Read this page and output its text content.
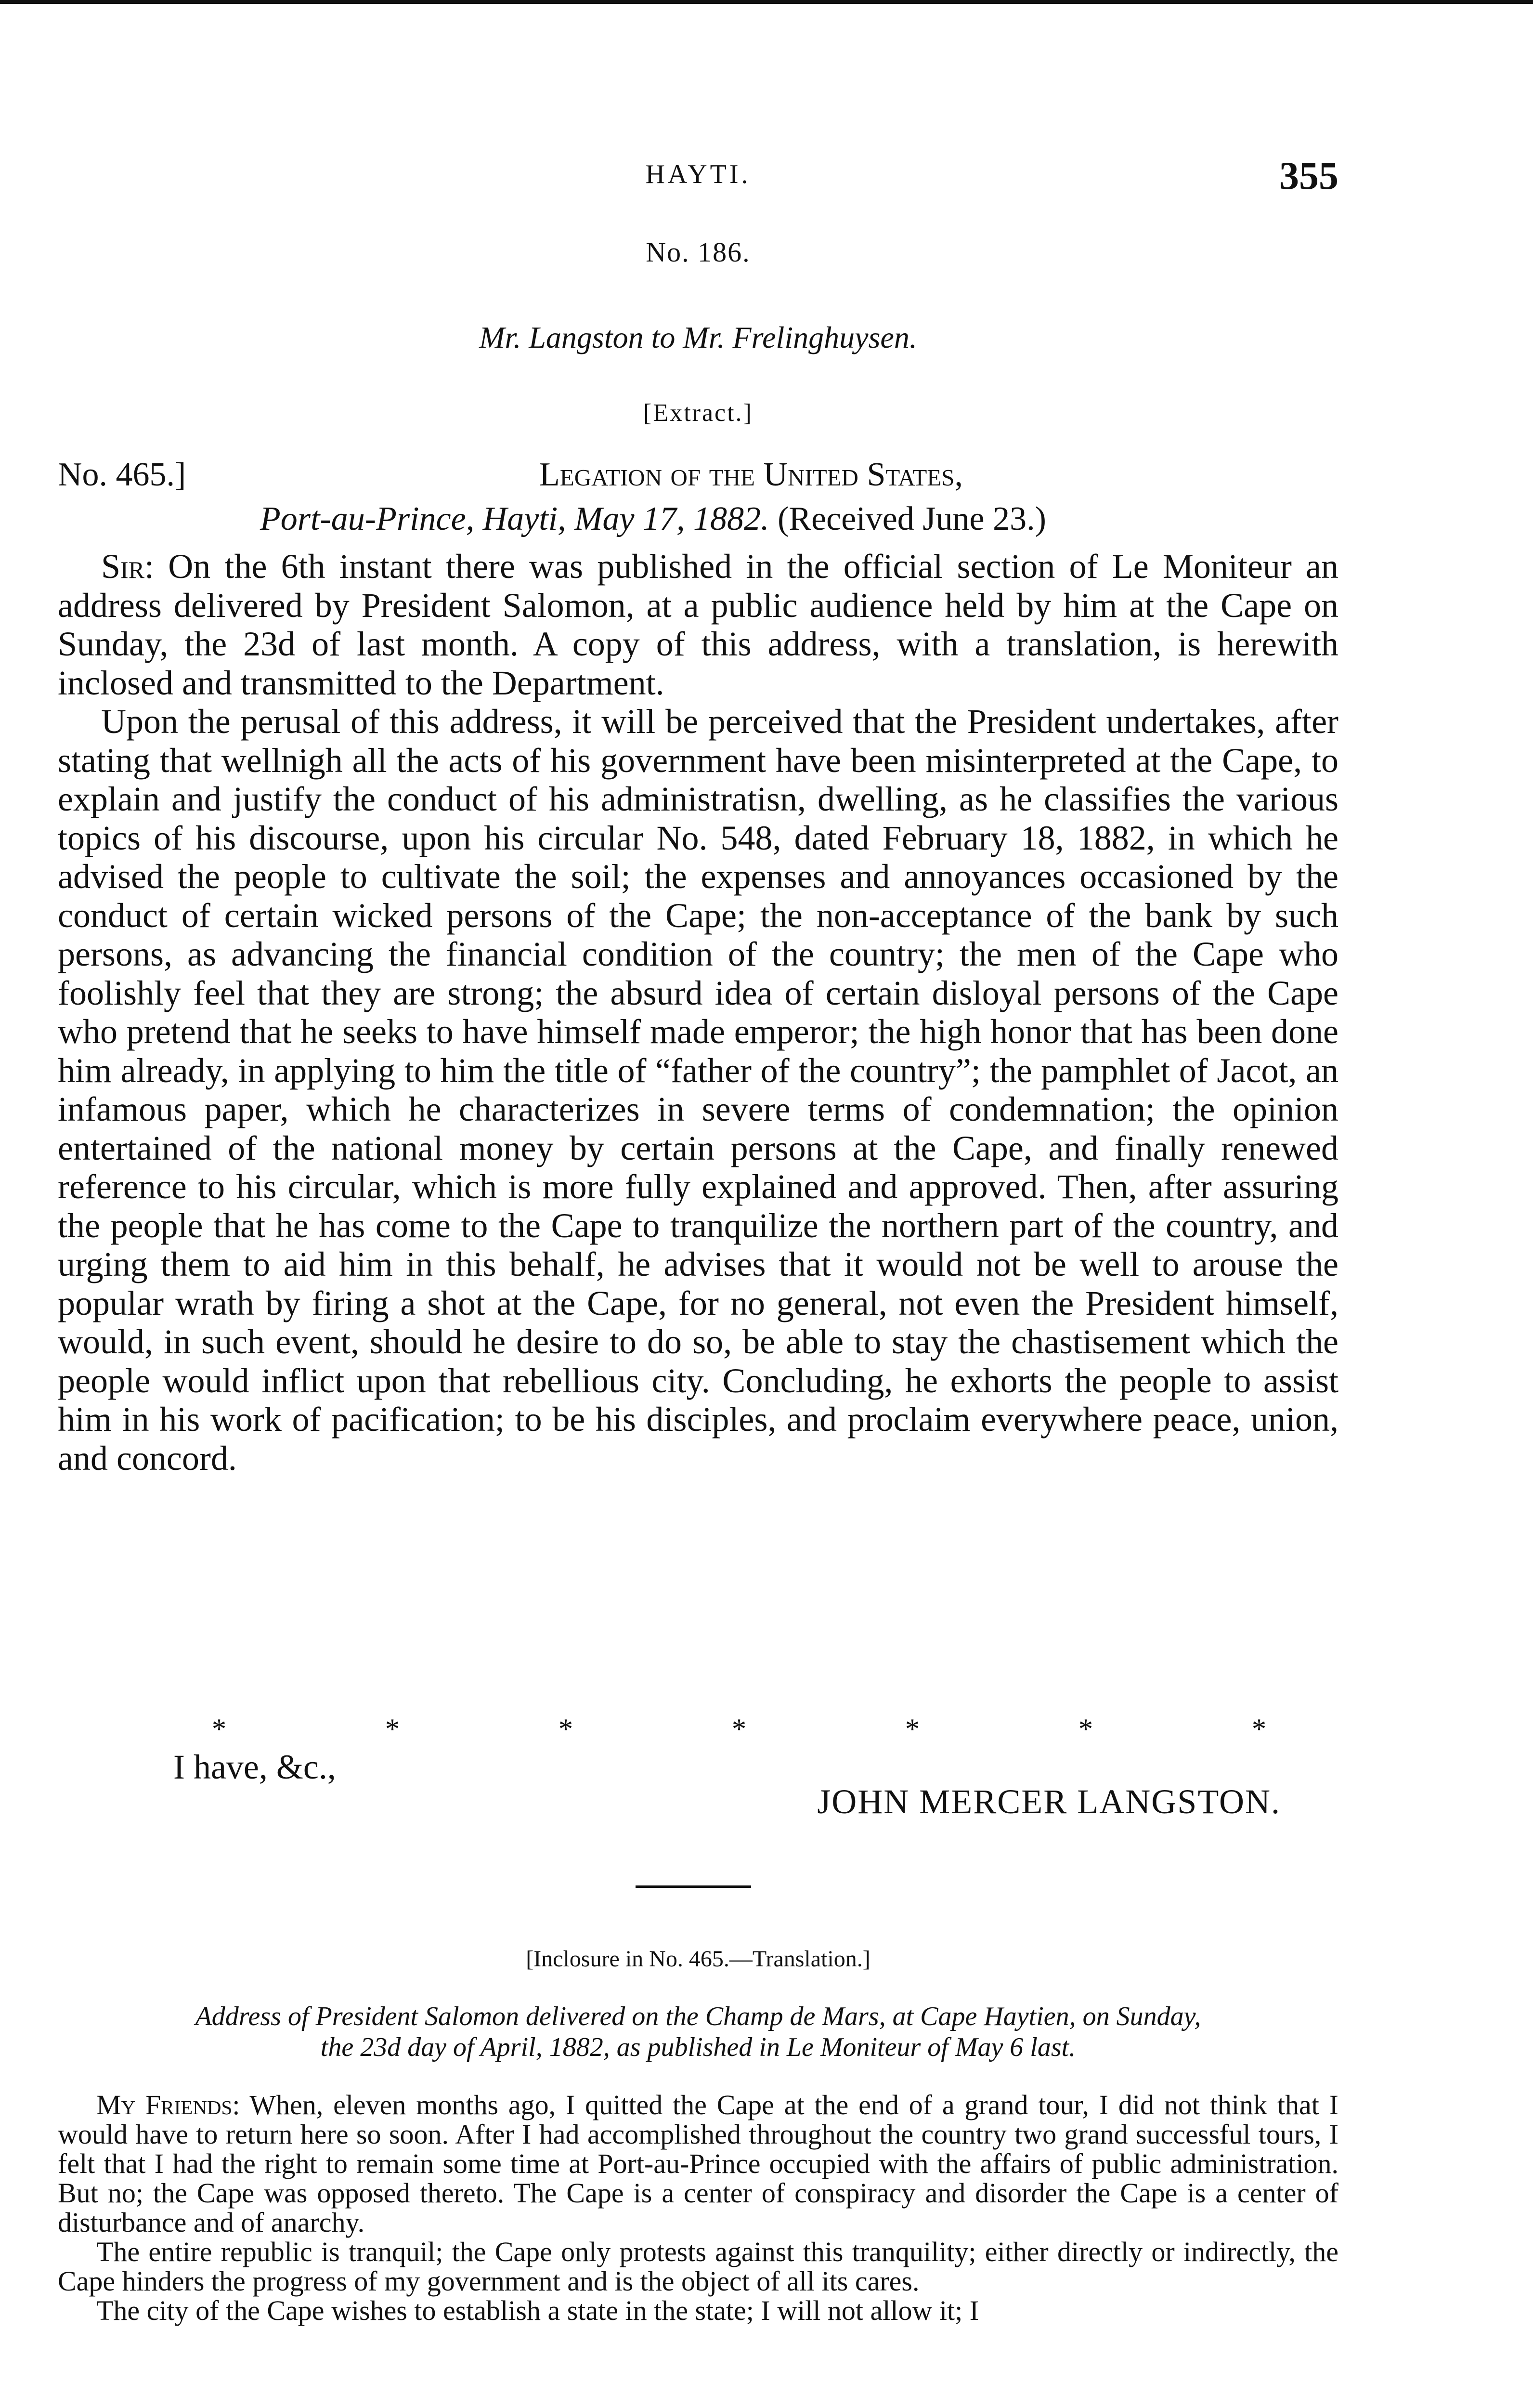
HAYTI.	355
No. 186.
Mr. Langston to Mr. Frelinghuysen.
[Extract.]
No. 465.]	Legation of the United States,
Port-au-Prince, Hayti, May 17, 1882. (Received June 23.)

Sir: On the 6th instant there was published in the official section of Le Moniteur an address delivered by President Salomon, at a public audience held by him at the Cape on Sunday, the 23d of last month. A copy of this address, with a translation, is herewith inclosed and transmitted to the Department.

Upon the perusal of this address, it will be perceived that the President undertakes, after stating that wellnigh all the acts of his government have been misinterpreted at the Cape, to explain and justify the conduct of his administratisn, dwelling, as he classifies the various topics of his discourse, upon his circular No. 548, dated February 18, 1882, in which he advised the people to cultivate the soil; the expenses and annoyances occasioned by the conduct of certain wicked persons of the Cape; the non-acceptance of the bank by such persons, as advancing the financial condition of the country; the men of the Cape who foolishly feel that they are strong; the absurd idea of certain disloyal persons of the Cape who pretend that he seeks to have himself made emperor; the high honor that has been done him already, in applying to him the title of “father of the country”; the pamphlet of Jacot, an infamous paper, which he characterizes in severe terms of condemnation; the opinion entertained of the national money by certain persons at the Cape, and finally renewed reference to his circular, which is more fully explained and approved. Then, after assuring the people that he has come to the Cape to tranquilize the northern part of the country, and urging them to aid him in this behalf, he advises that it would not be well to arouse the popular wrath by firing a shot at the Cape, for no general, not even the President himself, would, in such event, should he desire to do so, be able to stay the chastisement which the people would inflict upon that rebellious city. Concluding, he exhorts the people to assist him in his work of pacification; to be his disciples, and proclaim everywhere peace, union, and concord.

*	*	*	*	*	*	*
I have, &c.,
JOHN MERCER LANGSTON.
[Inclosure in No. 465.—Translation.]
Address of President Salomon delivered on the Champ de Mars, at Cape Haytien, on Sunday,
the 23d day of April, 1882, as published in Le Moniteur of May 6 last.

My Friends: When, eleven months ago, I quitted the Cape at the end of a grand tour, I did not think that I would have to return here so soon. After I had accomplished throughout the country two grand successful tours, I felt that I had the right to remain some time at Port-au-Prince occupied with the affairs of public administration. But no; the Cape was opposed thereto. The Cape is a center of conspiracy and disorder the Cape is a center of disturbance and of anarchy.

The entire republic is tranquil; the Cape only protests against this tranquility; either directly or indirectly, the Cape hinders the progress of my government and is the object of all its cares.

The city of the Cape wishes to establish a state in the state; I will not allow it; I
